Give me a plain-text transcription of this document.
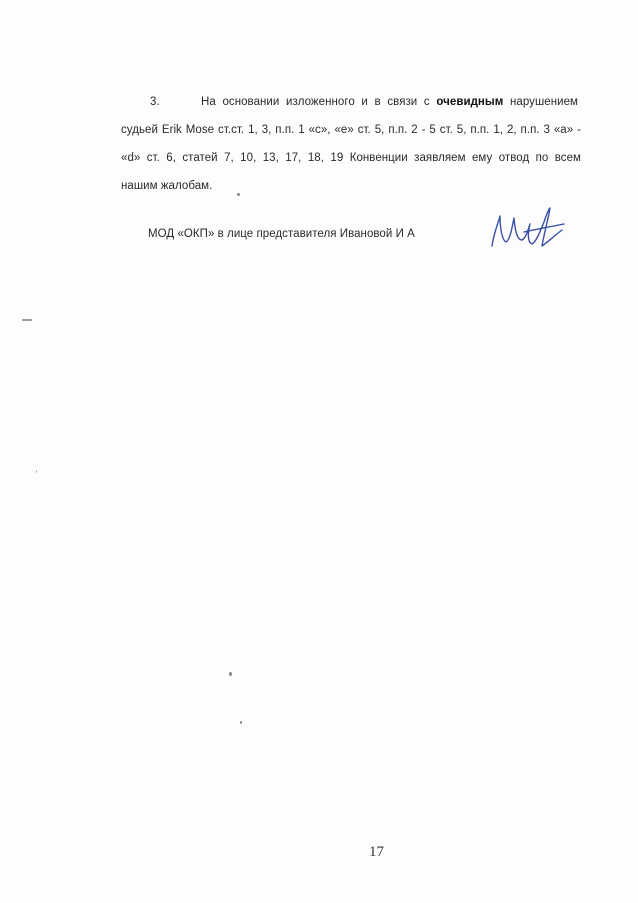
3.	На основании изложенного и в связи с очевидным нарушением
судьей Erik Mose ст.ст. 1, 3, п.п. 1 «с», «е» ст. 5, п.п. 2 - 5 ст. 5, п.п. 1, 2, п.п. 3 «а» -
«d» ст. 6, статей 7, 10, 13, 17, 18, 19 Конвенции заявляем ему отвод по всем
нашим жалобам.
МОД «ОКП» в лице представителя Ивановой И А
17
